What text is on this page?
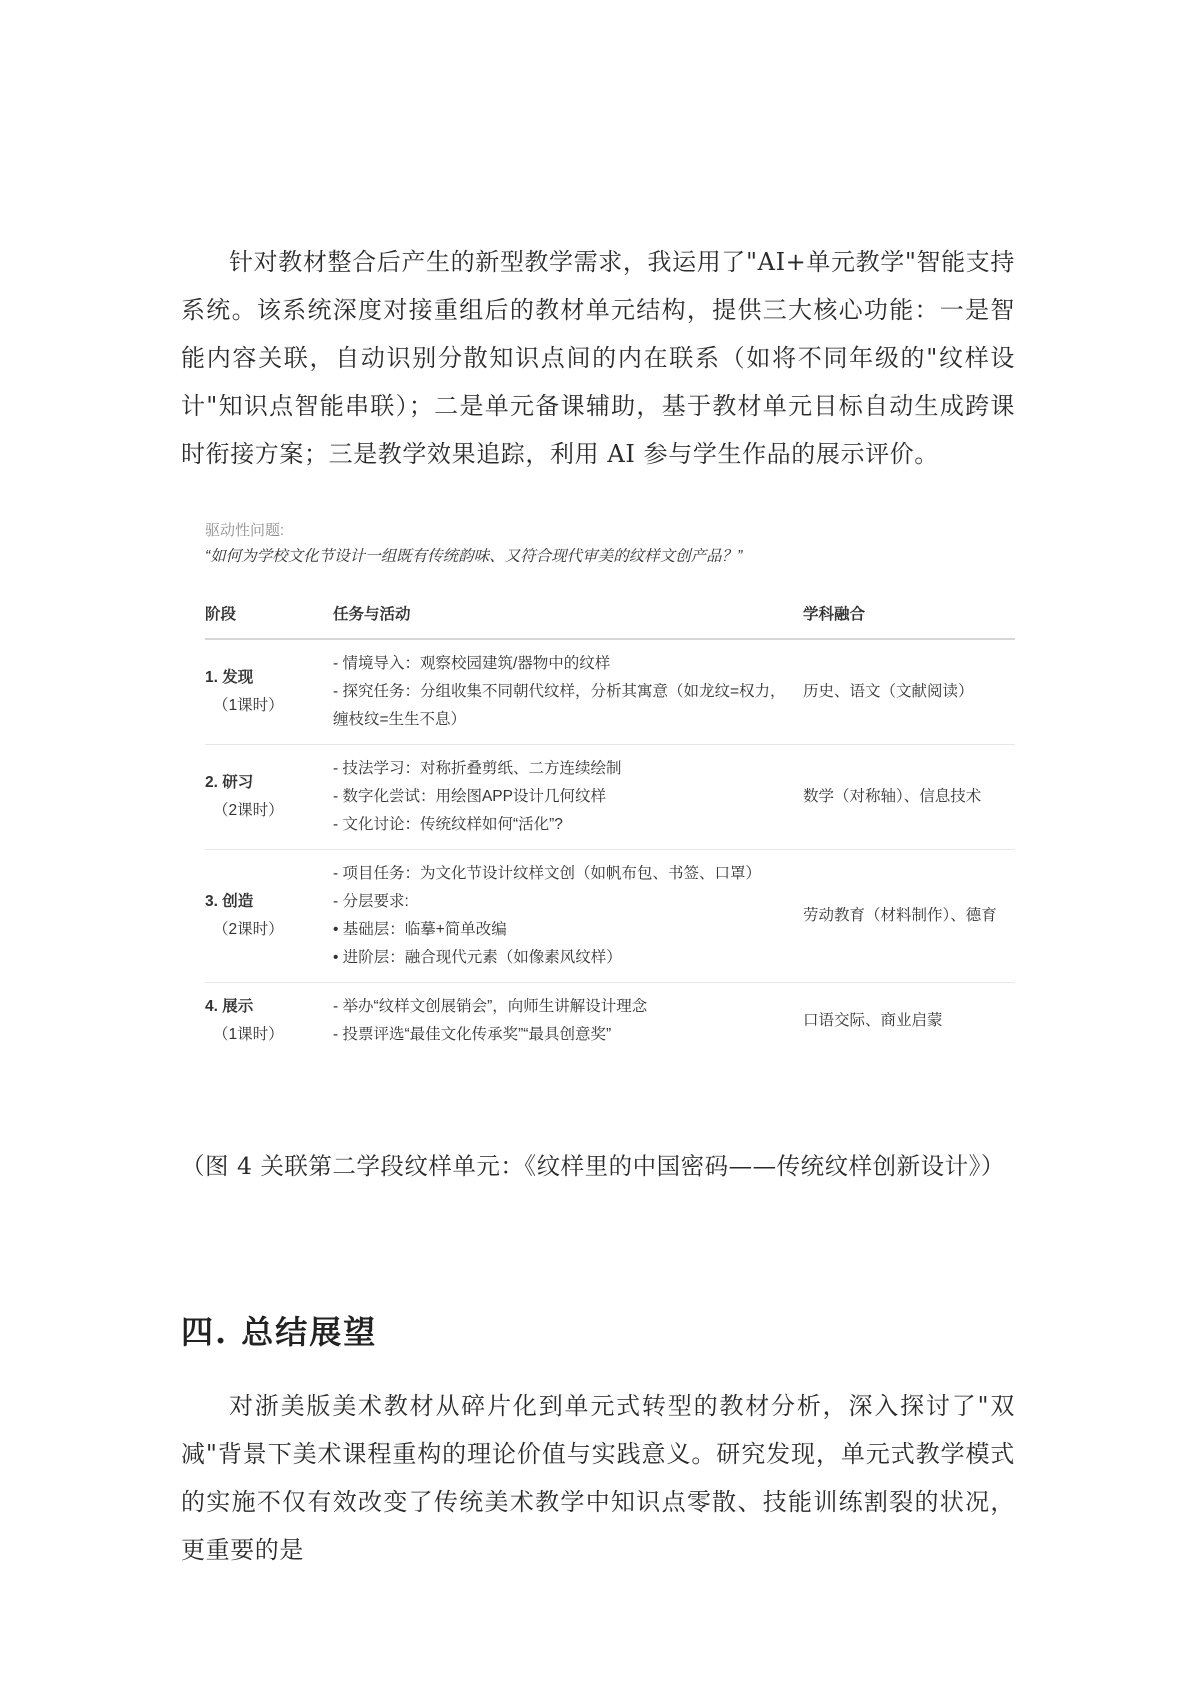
针对教材整合后产生的新型教学需求，我运用了"AI+单元教学"智能支持系统。该系统深度对接重组后的教材单元结构，提供三大核心功能：一是智能内容关联，自动识别分散知识点间的内在联系（如将不同年级的"纹样设计"知识点智能串联）；二是单元备课辅助，基于教材单元目标自动生成跨课时衔接方案；三是教学效果追踪，利用 AI 参与学生作品的展示评价。

驱动性问题:

“如何为学校文化节设计一组既有传统韵味、又符合现代审美的纹样文创产品？”

阶段	任务与活动	学科融合

1. 发现
（1课时）	- 情境导入：观察校园建筑/器物中的纹样
- 探究任务：分组收集不同朝代纹样，分析其寓意（如龙纹=权力，缠枝纹=生生不息）	历史、语文（文献阅读）

2. 研习
（2课时）	- 技法学习：对称折叠剪纸、二方连续绘制
- 数字化尝试：用绘图APP设计几何纹样
- 文化讨论：传统纹样如何“活化”?	数学（对称轴）、信息技术

3. 创造
（2课时）	- 项目任务：为文化节设计纹样文创（如帆布包、书签、口罩）
- 分层要求:
• 基础层：临摹+简单改编
• 进阶层：融合现代元素（如像素风纹样）	劳动教育（材料制作）、德育

4. 展示
（1课时）	- 举办“纹样文创展销会”，向师生讲解设计理念
- 投票评选“最佳文化传承奖”“最具创意奖”	口语交际、商业启蒙

（图 4 关联第二学段纹样单元：《纹样里的中国密码——传统纹样创新设计》）

四. 总结展望

对浙美版美术教材从碎片化到单元式转型的教材分析，深入探讨了"双减"背景下美术课程重构的理论价值与实践意义。研究发现，单元式教学模式的实施不仅有效改变了传统美术教学中知识点零散、技能训练割裂的状况，更重要的是
